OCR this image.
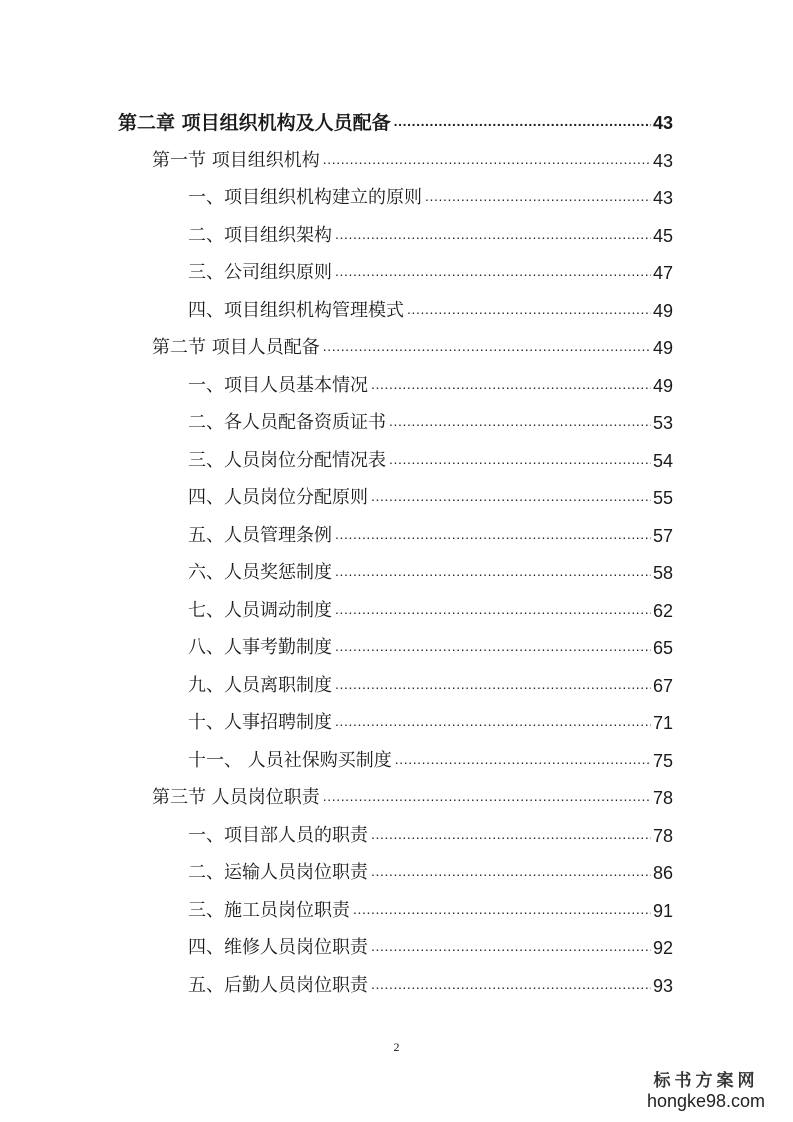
第二章 项目组织机构及人员配备 .....	43
第一节 项目组织机构 .....	43
一、项目组织机构建立的原则 .....	43
二、项目组织架构 .....	45
三、公司组织原则 .....	47
四、项目组织机构管理模式 .....	49
第二节 项目人员配备 .....	49
一、项目人员基本情况 .....	49
二、各人员配备资质证书 .....	53
三、人员岗位分配情况表 .....	54
四、人员岗位分配原则 .....	55
五、人员管理条例 .....	57
六、人员奖惩制度 .....	58
七、人员调动制度 .....	62
八、人事考勤制度 .....	65
九、人员离职制度 .....	67
十、人事招聘制度 .....	71
十一、 人员社保购买制度 .....	75
第三节 人员岗位职责 .....	78
一、项目部人员的职责 .....	78
二、运输人员岗位职责 .....	86
三、施工员岗位职责 .....	91
四、维修人员岗位职责 .....	92
五、后勤人员岗位职责 .....	93
2
标书方案网
hongke98.com
